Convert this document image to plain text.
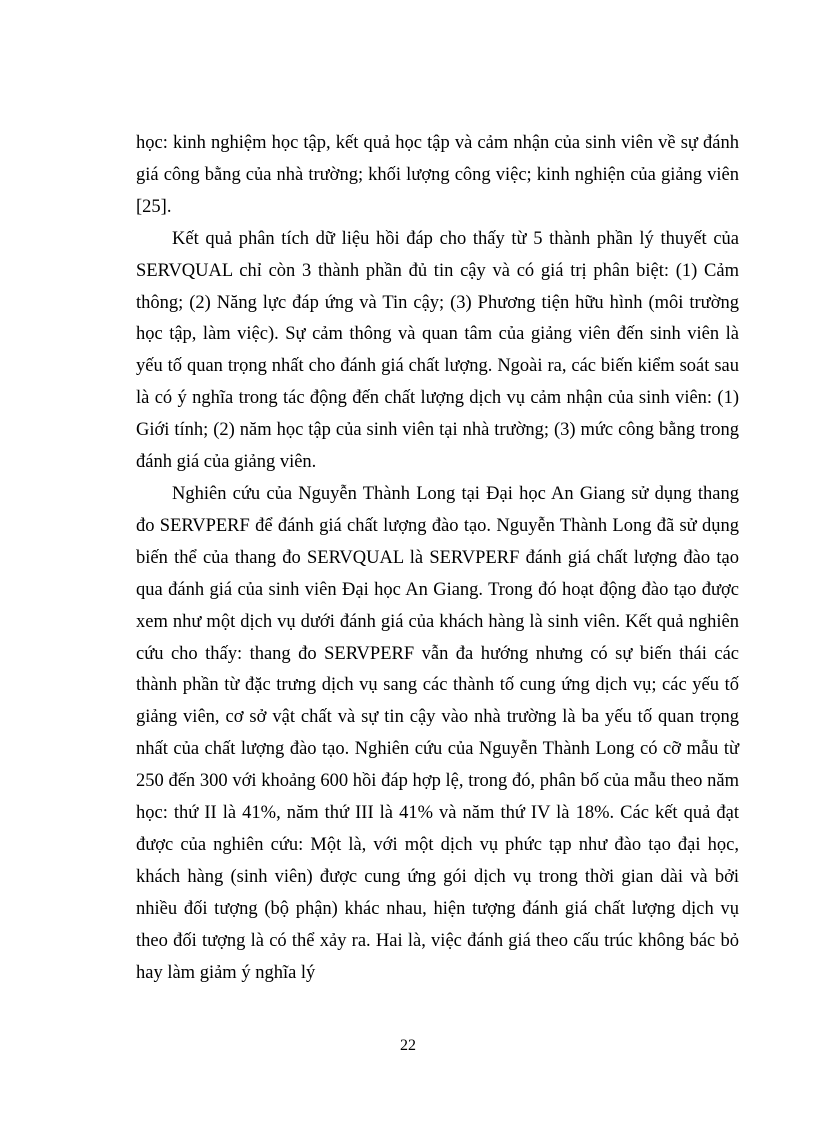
học: kinh nghiệm học tập, kết quả học tập và cảm nhận của sinh viên về sự đánh giá công bằng của nhà trường; khối lượng công việc; kinh nghiện của giảng viên [25].

Kết quả phân tích dữ liệu hồi đáp cho thấy từ 5 thành phần lý thuyết của SERVQUAL chỉ còn 3 thành phần đủ tin cậy và có giá trị phân biệt: (1) Cảm thông; (2) Năng lực đáp ứng và Tin cậy; (3) Phương tiện hữu hình (môi trường học tập, làm việc). Sự cảm thông và quan tâm của giảng viên đến sinh viên là yếu tố quan trọng nhất cho đánh giá chất lượng. Ngoài ra, các biến kiểm soát sau là có ý nghĩa trong tác động đến chất lượng dịch vụ cảm nhận của sinh viên: (1) Giới tính; (2) năm học tập của sinh viên tại nhà trường; (3) mức công bằng trong đánh giá của giảng viên.

Nghiên cứu của Nguyễn Thành Long tại Đại học An Giang sử dụng thang đo SERVPERF để đánh giá chất lượng đào tạo. Nguyễn Thành Long đã sử dụng biến thể của thang đo SERVQUAL là SERVPERF đánh giá chất lượng đào tạo qua đánh giá của sinh viên Đại học An Giang. Trong đó hoạt động đào tạo được xem như một dịch vụ dưới đánh giá của khách hàng là sinh viên. Kết quả nghiên cứu cho thấy: thang đo SERVPERF vẫn đa hướng nhưng có sự biến thái các thành phần từ đặc trưng dịch vụ sang các thành tố cung ứng dịch vụ; các yếu tố giảng viên, cơ sở vật chất và sự tin cậy vào nhà trường là ba yếu tố quan trọng nhất của chất lượng đào tạo. Nghiên cứu của Nguyễn Thành Long có cỡ mẫu từ 250 đến 300 với khoảng 600 hồi đáp hợp lệ, trong đó, phân bố của mẫu theo năm học: thứ II là 41%, năm thứ III là 41% và năm thứ IV là 18%. Các kết quả đạt được của nghiên cứu: Một là, với một dịch vụ phức tạp như đào tạo đại học, khách hàng (sinh viên) được cung ứng gói dịch vụ trong thời gian dài và bởi nhiều đối tượng (bộ phận) khác nhau, hiện tượng đánh giá chất lượng dịch vụ theo đối tượng là có thể xảy ra. Hai là, việc đánh giá theo cấu trúc không bác bỏ hay làm giảm ý nghĩa lý

22
